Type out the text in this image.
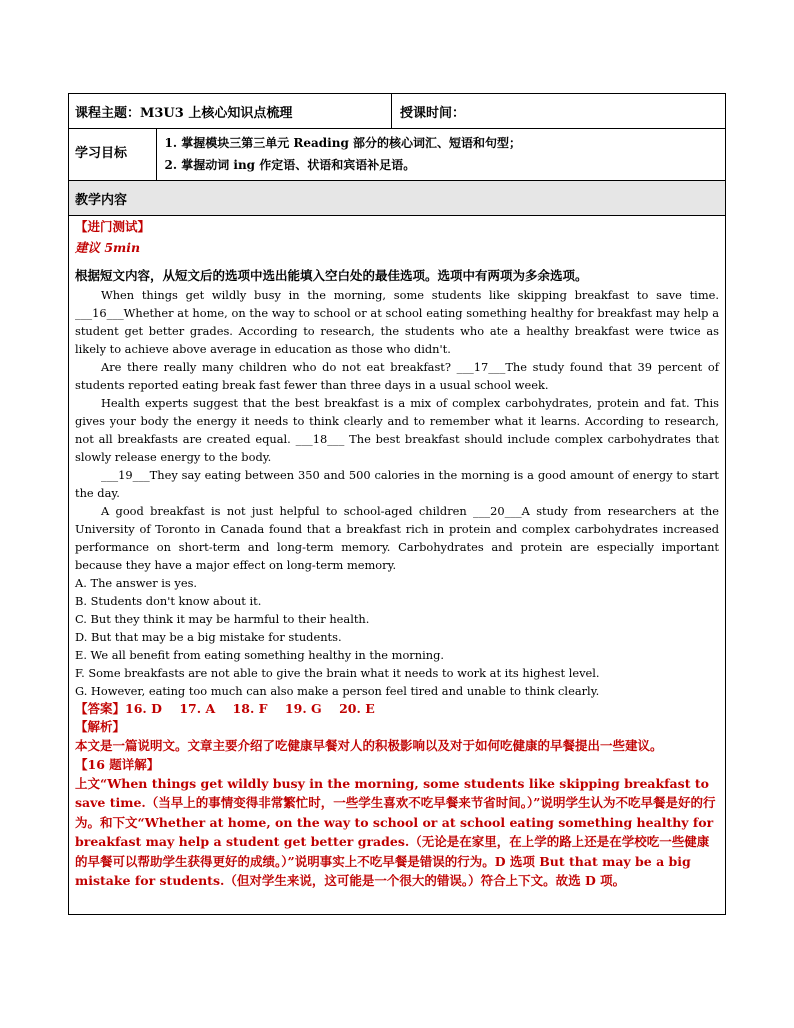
课程主题：M3U3 上核心知识点梳理	授课时间：

学习目标	
1. 掌握模块三第三单元 Reading 部分的核心词汇、短语和句型；
2. 掌握动词 ing 作定语、状语和宾语补足语。

教学内容

【进门测试】
建议 5min
根据短文内容，从短文后的选项中选出能填入空白处的最佳选项。选项中有两项为多余选项。
When things get wildly busy in the morning, some students like skipping breakfast to save time. ___16___Whether at home, on the way to school or at school eating something healthy for breakfast may help a student get better grades. According to research, the students who ate a healthy breakfast were twice as likely to achieve above average in education as those who didn't.
Are there really many children who do not eat breakfast? ___17___The study found that 39 percent of students reported eating break fast fewer than three days in a usual school week.
Health experts suggest that the best breakfast is a mix of complex carbohydrates, protein and fat. This gives your body the energy it needs to think clearly and to remember what it learns. According to research, not all breakfasts are created equal. ___18___ The best breakfast should include complex carbohydrates that slowly release energy to the body.
___19___They say eating between 350 and 500 calories in the morning is a good amount of energy to start the day.
A good breakfast is not just helpful to school-aged children ___20___A study from researchers at the University of Toronto in Canada found that a breakfast rich in protein and complex carbohydrates increased performance on short-term and long-term memory. Carbohydrates and protein are especially important because they have a major effect on long-term memory.
A. The answer is yes.
B. Students don't know about it.
C. But they think it may be harmful to their health.
D. But that may be a big mistake for students.
E. We all benefit from eating something healthy in the morning.
F. Some breakfasts are not able to give the brain what it needs to work at its highest level.
G. However, eating too much can also make a person feel tired and unable to think clearly.
【答案】16. D    17. A    18. F    19. G    20. E
【解析】
本文是一篇说明文。文章主要介绍了吃健康早餐对人的积极影响以及对于如何吃健康的早餐提出一些建议。
【16 题详解】
上文“When things get wildly busy in the morning, some students like skipping breakfast to save time.（当早上的事情变得非常繁忙时，一些学生喜欢不吃早餐来节省时间。）”说明学生认为不吃早餐是好的行为。和下文“Whether at home, on the way to school or at school eating something healthy for breakfast may help a student get better grades.（无论是在家里，在上学的路上还是在学校吃一些健康的早餐可以帮助学生获得更好的成绩。）”说明事实上不吃早餐是错误的行为。D 选项 But that may be a big mistake for students.（但对学生来说，这可能是一个很大的错误。）符合上下文。故选 D 项。
